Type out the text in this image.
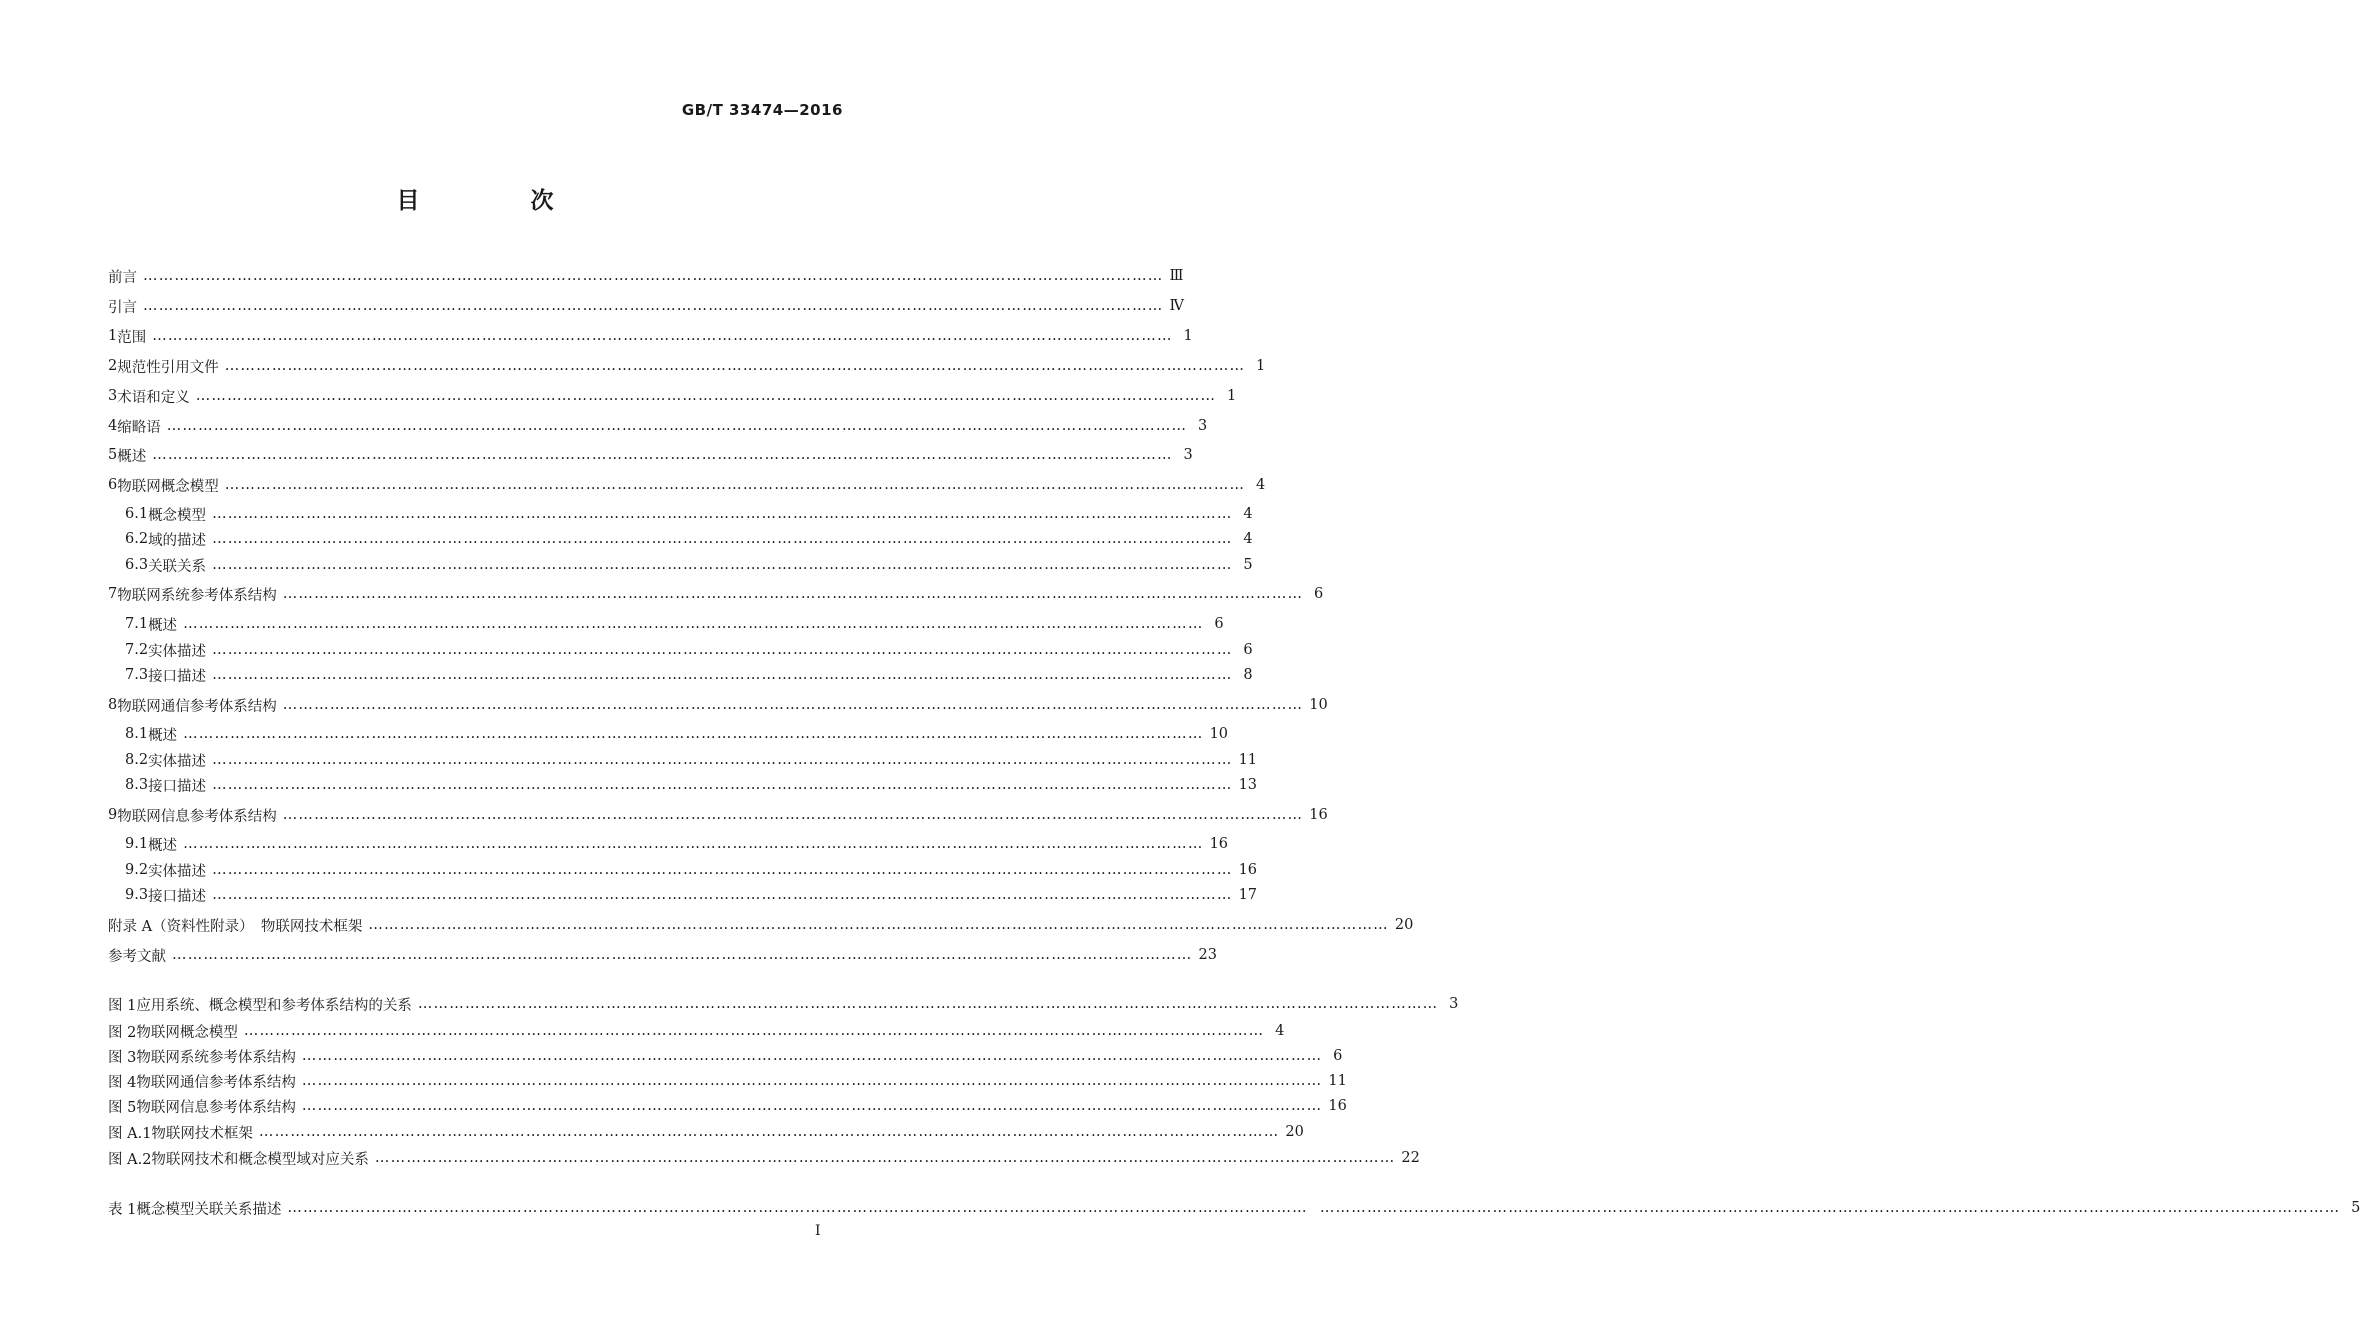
GB/T 33474—2016
目　次
前言 …………………………………………………………………………………………………………………………………………………………………………… Ⅲ
引言 …………………………………………………………………………………………………………………………………………………………………………… Ⅳ
1 范围 …………………………………………………………………………………………………………………………………………………………………………… 1
2 规范性引用文件 …………………………………………………………………………………………………………………………………………………………………………… 1
3 术语和定义 …………………………………………………………………………………………………………………………………………………………………………… 1
4 缩略语 …………………………………………………………………………………………………………………………………………………………………………… 3
5 概述 …………………………………………………………………………………………………………………………………………………………………………… 3
6 物联网概念模型 …………………………………………………………………………………………………………………………………………………………………………… 4
6.1 概念模型 …………………………………………………………………………………………………………………………………………………………………………… 4
6.2 域的描述 …………………………………………………………………………………………………………………………………………………………………………… 4
6.3 关联关系 …………………………………………………………………………………………………………………………………………………………………………… 5
7 物联网系统参考体系结构 …………………………………………………………………………………………………………………………………………………………………………… 6
7.1 概述 …………………………………………………………………………………………………………………………………………………………………………… 6
7.2 实体描述 …………………………………………………………………………………………………………………………………………………………………………… 6
7.3 接口描述 …………………………………………………………………………………………………………………………………………………………………………… 8
8 物联网通信参考体系结构 …………………………………………………………………………………………………………………………………………………………………………… 10
8.1 概述 …………………………………………………………………………………………………………………………………………………………………………… 10
8.2 实体描述 …………………………………………………………………………………………………………………………………………………………………………… 11
8.3 接口描述 …………………………………………………………………………………………………………………………………………………………………………… 13
9 物联网信息参考体系结构 …………………………………………………………………………………………………………………………………………………………………………… 16
9.1 概述 …………………………………………………………………………………………………………………………………………………………………………… 16
9.2 实体描述 …………………………………………………………………………………………………………………………………………………………………………… 16
9.3 接口描述 …………………………………………………………………………………………………………………………………………………………………………… 17
附录 A（资料性附录）　物联网技术框架 …………………………………………………………………………………………………………………………………………………………………………… 20
参考文献 …………………………………………………………………………………………………………………………………………………………………………… 23
图 1 应用系统、概念模型和参考体系结构的关系 …………………………………………………………………………………………………………………………………………………………………………… 3
图 2 物联网概念模型 …………………………………………………………………………………………………………………………………………………………………………… 4
图 3 物联网系统参考体系结构 …………………………………………………………………………………………………………………………………………………………………………… 6
图 4 物联网通信参考体系结构 …………………………………………………………………………………………………………………………………………………………………………… 11
图 5 物联网信息参考体系结构 …………………………………………………………………………………………………………………………………………………………………………… 16
图 A.1 物联网技术框架 …………………………………………………………………………………………………………………………………………………………………………… 20
图 A.2 物联网技术和概念模型域对应关系 …………………………………………………………………………………………………………………………………………………………………………… 22
表 1 概念模型关联关系描述 …………………………………………………………………………………………………………………………………………………………………………… …………………………………………………………………………………………………………………………………………………………………………… 5
I
